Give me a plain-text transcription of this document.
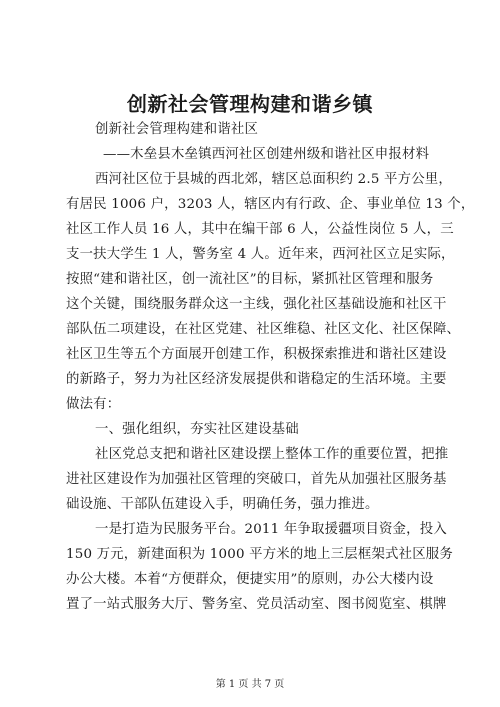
创新社会管理构建和谐乡镇
创新社会管理构建和谐社区
——木垒县木垒镇西河社区创建州级和谐社区申报材料
西河社区位于县城的西北郊，辖区总面积约 2.5 平方公里，
有居民 1006 户，3203 人，辖区内有行政、企、事业单位 13 个，
社区工作人员 16 人，其中在编干部 6 人，公益性岗位 5 人，三
支一扶大学生 1 人，警务室 4 人。近年来，西河社区立足实际，
按照“建和谐社区，创一流社区”的目标，紧抓社区管理和服务
这个关键，围绕服务群众这一主线，强化社区基础设施和社区干
部队伍二项建设，在社区党建、社区维稳、社区文化、社区保障、
社区卫生等五个方面展开创建工作，积极探索推进和谐社区建设
的新路子，努力为社区经济发展提供和谐稳定的生活环境。主要
做法有：
一、强化组织，夯实社区建设基础
社区党总支把和谐社区建设摆上整体工作的重要位置，把推
进社区建设作为加强社区管理的突破口，首先从加强社区服务基
础设施、干部队伍建设入手，明确任务，强力推进。
一是打造为民服务平台。2011 年争取援疆项目资金，投入
150 万元，新建面积为 1000 平方米的地上三层框架式社区服务
办公大楼。本着“方便群众，便捷实用”的原则，办公大楼内设
置了一站式服务大厅、警务室、党员活动室、图书阅览室、棋牌
第 1 页 共 7 页
